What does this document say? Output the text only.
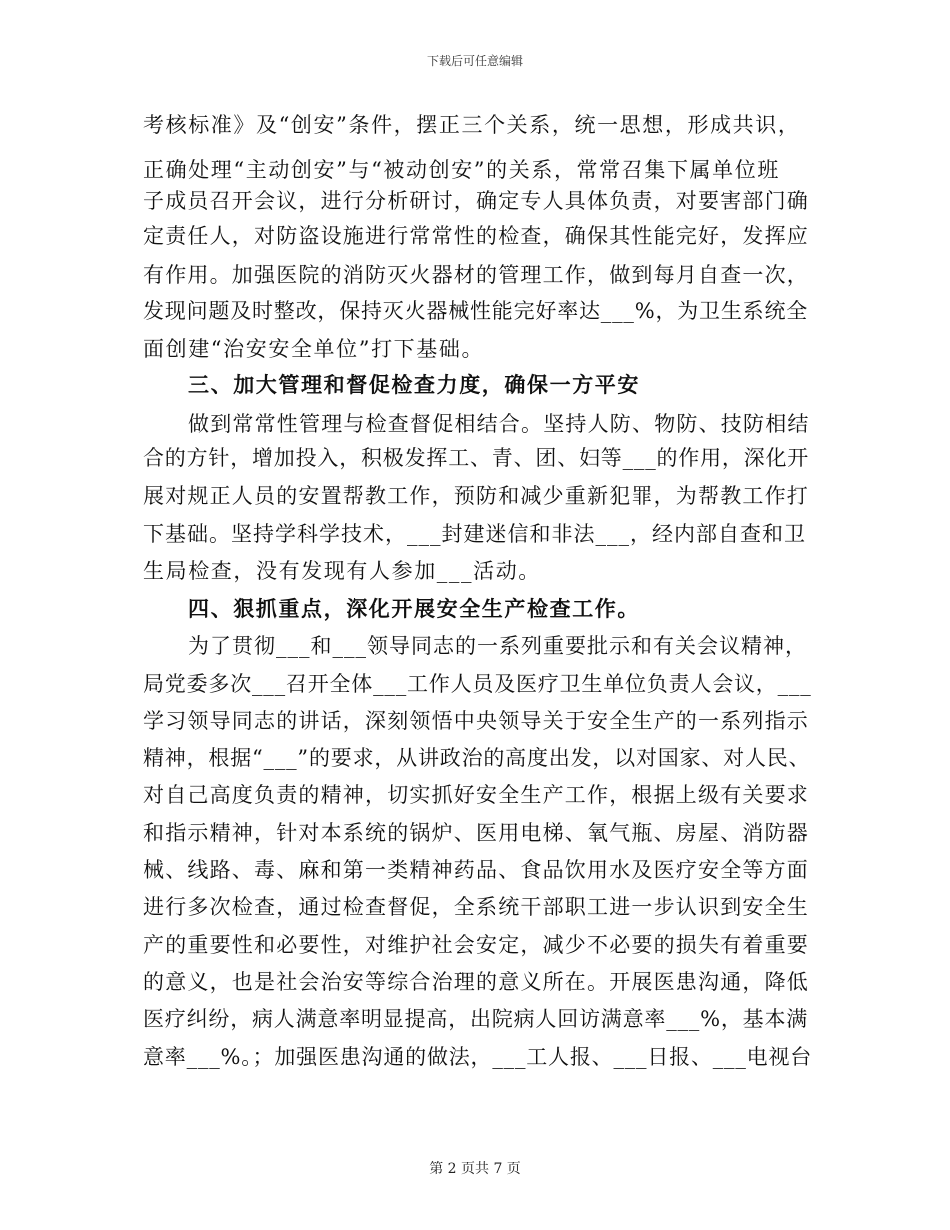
下载后可任意编辑
考核标准》及“创安”条件，摆正三个关系，统一思想，形成共识，
正确处理“主动创安”与“被动创安”的关系，常常召集下属单位班
子成员召开会议，进行分析研讨，确定专人具体负责，对要害部门确
定责任人，对防盗设施进行常常性的检查，确保其性能完好，发挥应
有作用。加强医院的消防灭火器材的管理工作，做到每月自查一次，
发现问题及时整改，保持灭火器械性能完好率达___%，为卫生系统全
面创建“治安安全单位”打下基础。
三、加大管理和督促检查力度，确保一方平安
做到常常性管理与检查督促相结合。坚持人防、物防、技防相结
合的方针，增加投入，积极发挥工、青、团、妇等___的作用，深化开
展对规正人员的安置帮教工作，预防和减少重新犯罪，为帮教工作打
下基础。坚持学科学技术，___封建迷信和非法___，经内部自查和卫
生局检查，没有发现有人参加___活动。
四、狠抓重点，深化开展安全生产检查工作。
为了贯彻___和___领导同志的一系列重要批示和有关会议精神，
局党委多次___召开全体___工作人员及医疗卫生单位负责人会议，___
学习领导同志的讲话，深刻领悟中央领导关于安全生产的一系列指示
精神，根据“___”的要求，从讲政治的高度出发，以对国家、对人民、
对自己高度负责的精神，切实抓好安全生产工作，根据上级有关要求
和指示精神，针对本系统的锅炉、医用电梯、氧气瓶、房屋、消防器
械、线路、毒、麻和第一类精神药品、食品饮用水及医疗安全等方面
进行多次检查，通过检查督促，全系统干部职工进一步认识到安全生
产的重要性和必要性，对维护社会安定，减少不必要的损失有着重要
的意义，也是社会治安等综合治理的意义所在。开展医患沟通，降低
医疗纠纷，病人满意率明显提高，出院病人回访满意率___%，基本满
意率___%。；加强医患沟通的做法，___工人报、___日报、___电视台
第 2 页共 7 页
